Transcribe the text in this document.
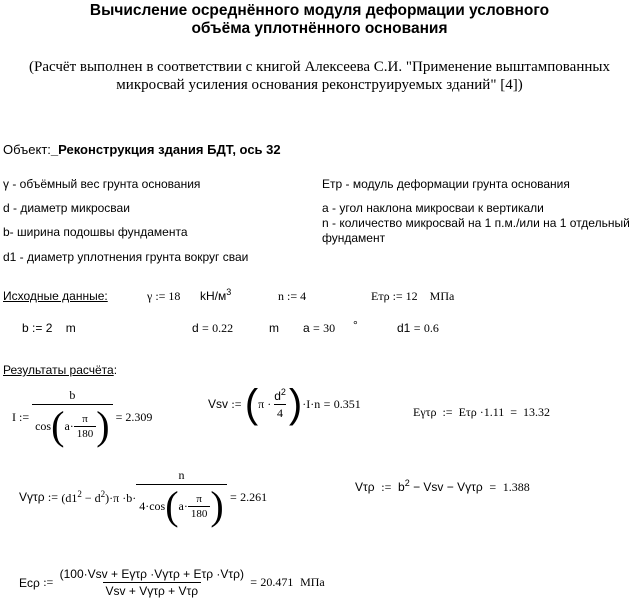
Вычисление осреднённого модуля деформации условного
объёма уплотнённого основания
(Расчёт выполнен в соответствии с книгой Алексеева С.И. "Применение выштампованных
микросвай усиления основания реконструируемых зданий" [4])
Объект:_Реконструкция здания БДТ, ось 32
γ - объёмный вес грунта основания
d - диаметр микросваи
b- ширина подошвы фундамента
d1 - диаметр уплотнения грунта вокруг сваи
Етр - модуль деформации грунта основания
а - угол наклона микросваи к вертикали
n - количество микросвай на 1 п.м./или на 1 отдельный
фундамент
Исходные данные:	γ := 18 $kH/м^3$	n := 4	Етρ := 12 МПа
b := 2 m	d = 0.22	m a = 30 °	d1 = 0.6
Результаты расчёта:
I
:=

b
cos ( $a\cdot \frac{\pi}{180}$ )
=
2.309
Vsv
:=
( $\pi \cdot \frac{d^2}{4}$ ) ·I·n
=
0.351
Eγτρ := Eτρ ·1.11 = 13.32
Vγτρ
:=
$(d1^2 - d^2)\cdot\pi \cdot b\cdot$
n
4·cos ( $a\cdot \frac{\pi}{180}$ )
=
2.261
Vτρ := $b^2$ − Vsv − Vγτρ = 1.388
Ecρ
:=
$\frac{\text{(100·Vsv + Eγτρ ·Vγτρ + Eτρ ·Vτρ)}}{\text{Vsv + Vγτρ + Vτρ}}$
=
20.471
МПа
